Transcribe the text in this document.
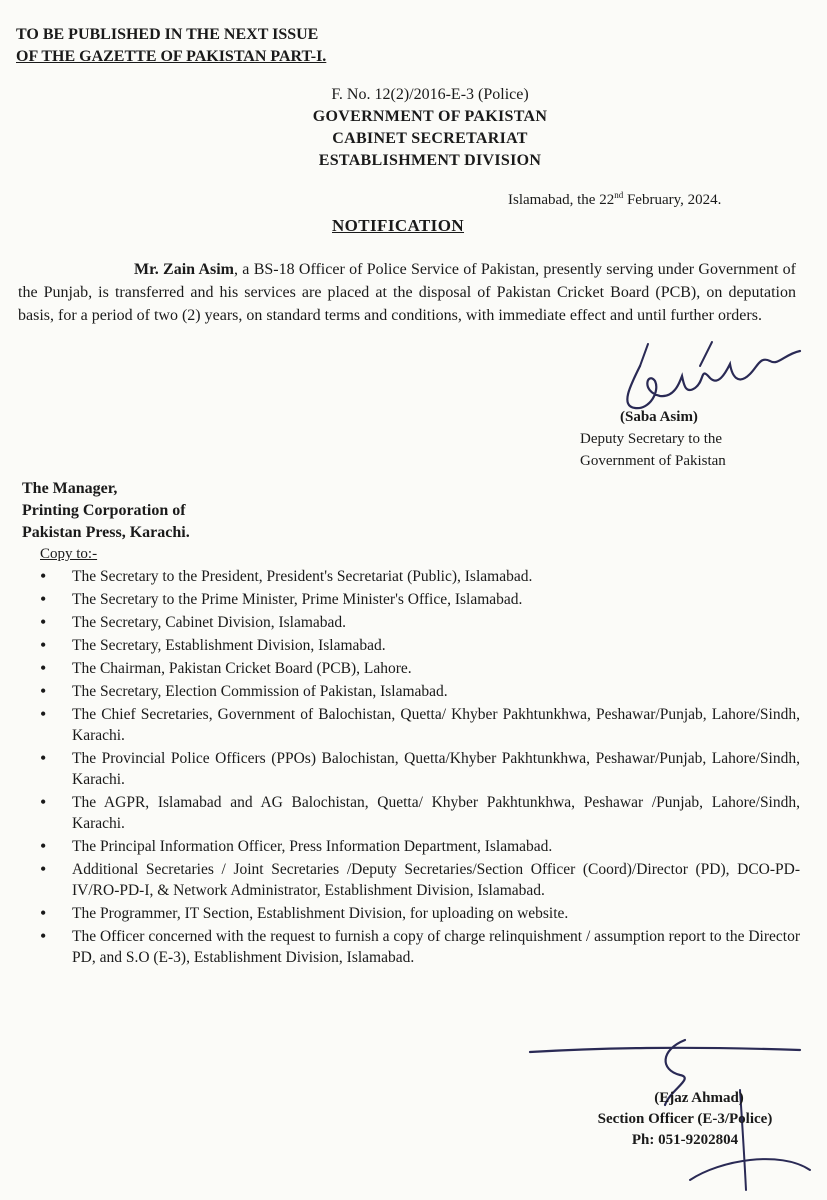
TO BE PUBLISHED IN THE NEXT ISSUE
OF THE GAZETTE OF PAKISTAN PART-I.
F. No. 12(2)/2016-E-3 (Police)
GOVERNMENT OF PAKISTAN
CABINET SECRETARIAT
ESTABLISHMENT DIVISION
Islamabad, the 22nd February, 2024.
NOTIFICATION
Mr. Zain Asim, a BS-18 Officer of Police Service of Pakistan, presently serving under Government of the Punjab, is transferred and his services are placed at the disposal of Pakistan Cricket Board (PCB), on deputation basis, for a period of two (2) years, on standard terms and conditions, with immediate effect and until further orders.
(Saba Asim)
Deputy Secretary to the
Government of Pakistan
The Manager,
Printing Corporation of
Pakistan Press, Karachi.
Copy to:-
• The Secretary to the President, President's Secretariat (Public), Islamabad.
• The Secretary to the Prime Minister, Prime Minister's Office, Islamabad.
• The Secretary, Cabinet Division, Islamabad.
• The Secretary, Establishment Division, Islamabad.
• The Chairman, Pakistan Cricket Board (PCB), Lahore.
• The Secretary, Election Commission of Pakistan, Islamabad.
• The Chief Secretaries, Government of Balochistan, Quetta/ Khyber Pakhtunkhwa, Peshawar/Punjab, Lahore/Sindh, Karachi.
• The Provincial Police Officers (PPOs) Balochistan, Quetta/Khyber Pakhtunkhwa, Peshawar/Punjab, Lahore/Sindh, Karachi.
• The AGPR, Islamabad and AG Balochistan, Quetta/ Khyber Pakhtunkhwa, Peshawar /Punjab, Lahore/Sindh, Karachi.
• The Principal Information Officer, Press Information Department, Islamabad.
• Additional Secretaries / Joint Secretaries /Deputy Secretaries/Section Officer (Coord)/Director (PD), DCO-PD-IV/RO-PD-I, & Network Administrator, Establishment Division, Islamabad.
• The Programmer, IT Section, Establishment Division, for uploading on website.
• The Officer concerned with the request to furnish a copy of charge relinquishment / assumption report to the Director PD, and S.O (E-3), Establishment Division, Islamabad.
(Ejaz Ahmad)
Section Officer (E-3/Police)
Ph: 051-9202804
